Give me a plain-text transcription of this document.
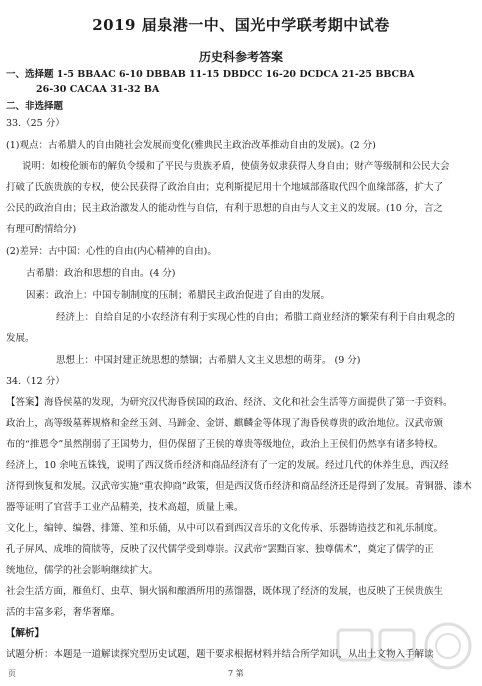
2019 届泉港一中、国光中学联考期中试卷
历史科参考答案
一、选择题 1-5 BBAAC 6-10 DBBAB 11-15 DBDCC 16-20 DCDCA 21-25 BBCBA
26-30 CACAA 31-32 BA
二、非选择题
33.（25 分）
(1)观点：古希腊人的自由随社会发展而变化(雅典民主政治改革推动自由的发展)。(2 分)
说明：如梭伦颁布的解负令缓和了平民与贵族矛盾，使债务奴隶获得人身自由；财产等级制和公民大会
打破了氏族贵族的专权，使公民获得了政治自由；克利斯提尼用十个地域部落取代四个血缘部落，扩大了
公民的政治自由；民主政治激发人的能动性与自信，有利于思想的自由与人文主义的发展。(10 分，言之
有理可酌情给分)
(2)差异：古中国：心性的自由(内心精神的自由)。
古希腊：政治和思想的自由。(4 分)
因素：政治上：中国专制制度的压制；希腊民主政治促进了自由的发展。
经济上：自给自足的小农经济有利于实现心性的自由；希腊工商业经济的繁荣有利于自由观念的
发展。
思想上：中国封建正统思想的禁锢；古希腊人文主义思想的萌芽。 (9 分)
34.（12 分）
【答案】海昏侯墓的发现，为研究汉代海昏侯国的政治、经济、文化和社会生活等方面提供了第一手资料。
政治上，高等级墓葬规格和金丝玉剑、马蹄金、金饼、麒麟金等体现了海昏侯尊贵的政治地位。汉武帝颁
布的“推恩令”虽然削弱了王国势力，但仍保留了王侯的尊贵等级地位，政治上王侯们仍然享有诸多特权。
经济上，10 余吨五铢钱，说明了西汉货币经济和商品经济有了一定的发展。经过几代的休养生息，西汉经
济得到恢复和发展。汉武帝实施“重农抑商”政策，但是西汉货币经济和商品经济还是得到了发展。青铜器、漆木
器等证明了官营手工业产品精美，技术高超，质量上乘。
文化上，编钟、编磬、排箫、笙和乐俑，从中可以看到西汉音乐的文化传承、乐器铸造技艺和礼乐制度。
孔子屏风、成堆的简牍等，反映了汉代儒学受到尊崇。汉武帝“罢黜百家、独尊儒术”，奠定了儒学的正
统地位，儒学的社会影响继续扩大。
社会生活方面，雁鱼灯、虫草、铜火锅和酿酒所用的蒸馏器，既体现了经济的发展，也反映了王侯贵族生
活的丰富多彩，奢华奢靡。
【解析】
试题分析：本题是一道解读探究型历史试题，题干要求根据材料并结合所学知识，从出土文物入手解读
页	7 第
